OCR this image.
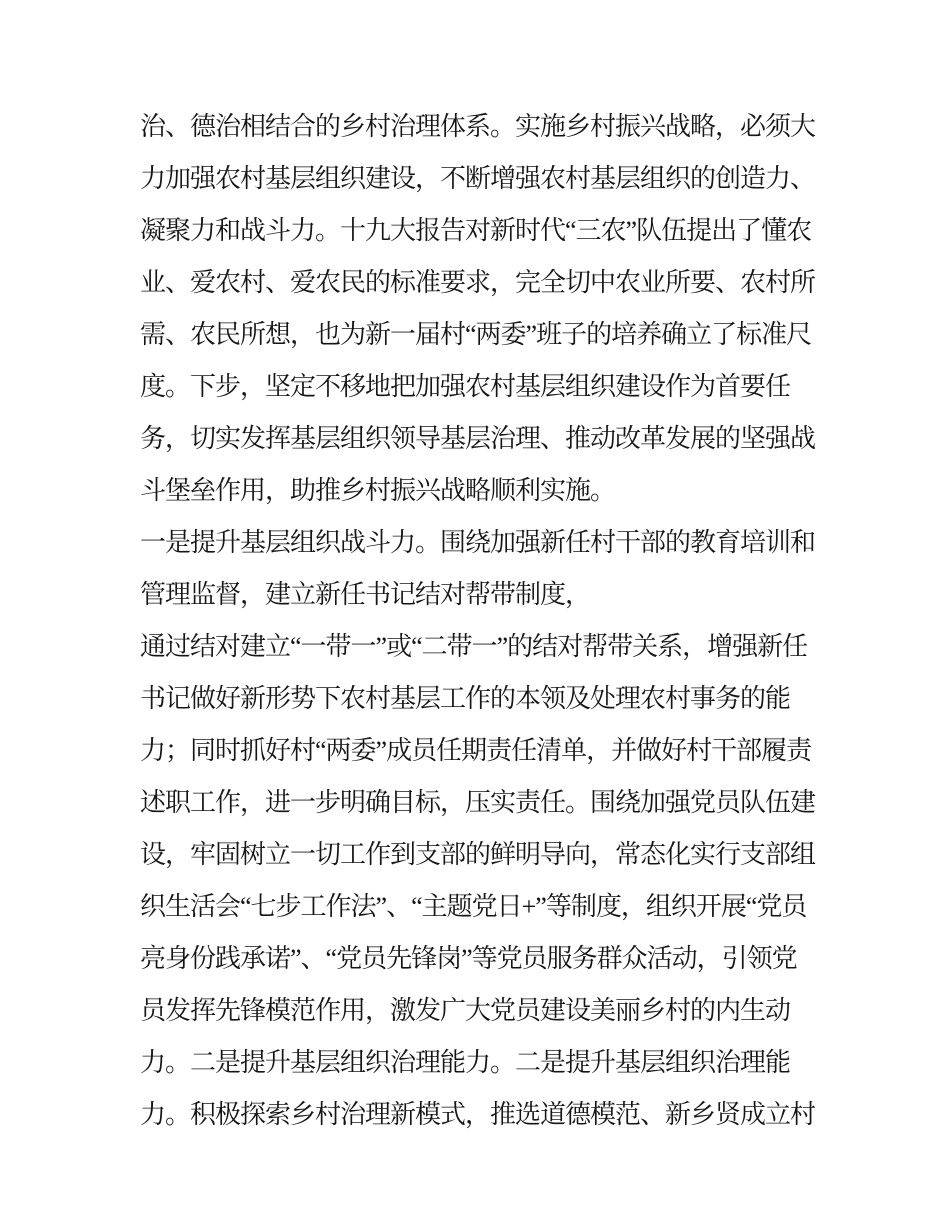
治、德治相结合的乡村治理体系。实施乡村振兴战略，必须大
力加强农村基层组织建设，不断增强农村基层组织的创造力、
凝聚力和战斗力。十九大报告对新时代“三农”队伍提出了懂农
业、爱农村、爱农民的标准要求，完全切中农业所要、农村所
需、农民所想，也为新一届村“两委”班子的培养确立了标准尺
度。下步，坚定不移地把加强农村基层组织建设作为首要任
务，切实发挥基层组织领导基层治理、推动改革发展的坚强战
斗堡垒作用，助推乡村振兴战略顺利实施。
一是提升基层组织战斗力。围绕加强新任村干部的教育培训和
管理监督，建立新任书记结对帮带制度，
通过结对建立“一带一”或“二带一”的结对帮带关系，增强新任
书记做好新形势下农村基层工作的本领及处理农村事务的能
力；同时抓好村“两委”成员任期责任清单，并做好村干部履责
述职工作，进一步明确目标，压实责任。围绕加强党员队伍建
设，牢固树立一切工作到支部的鲜明导向，常态化实行支部组
织生活会“七步工作法”、“主题党日+”等制度，组织开展“党员
亮身份践承诺”、“党员先锋岗”等党员服务群众活动，引领党
员发挥先锋模范作用，激发广大党员建设美丽乡村的内生动
力。二是提升基层组织治理能力。二是提升基层组织治理能
力。积极探索乡村治理新模式，推选道德模范、新乡贤成立村
